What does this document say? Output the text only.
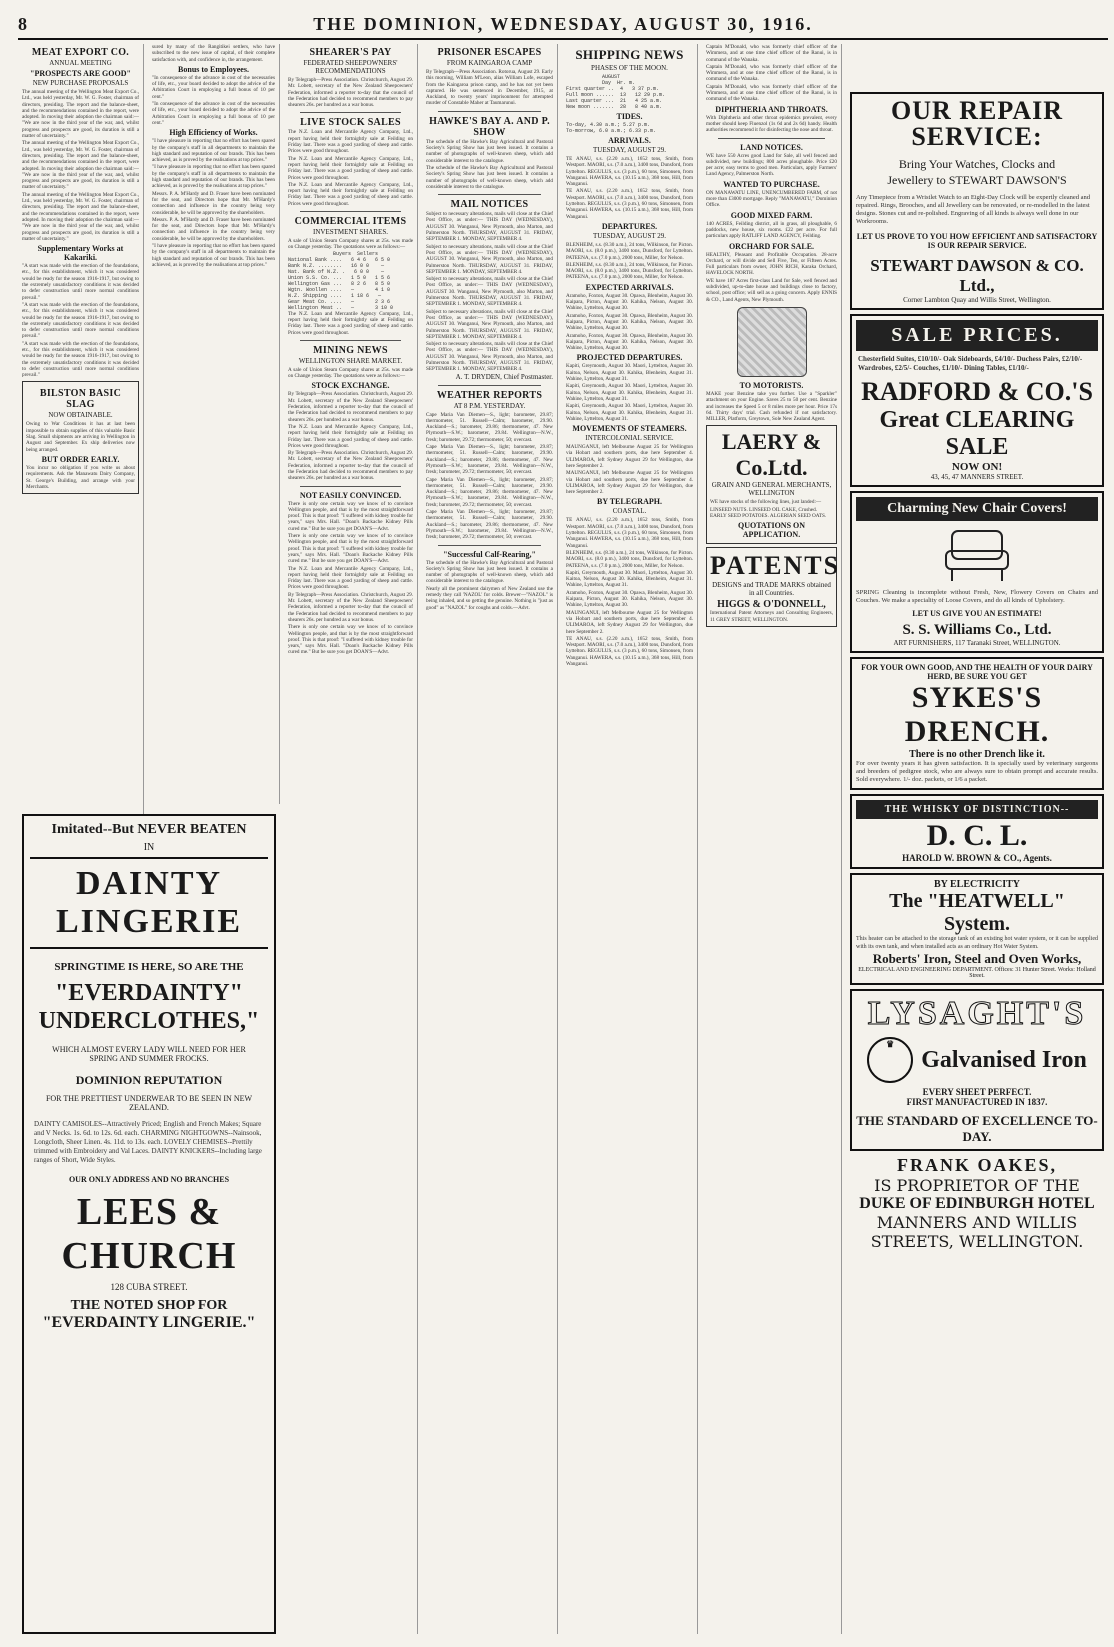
8	THE DOMINION, WEDNESDAY, AUGUST 30, 1916.
MEAT EXPORT CO.
ANNUAL MEETING
"PROSPECTS ARE GOOD"
NEW PURCHASE PROPOSALS

The annual meeting of the Wellington Meat Export Co., Ltd., was held yesterday, Mr. W. G. Foster, chairman of directors, presiding. The report and the balance-sheet, and the recommendations contained in the report, were adopted. In moving their adoption the chairman said:— "We are now in the third year of the war, and, whilst progress and prospects are good, its duration is still a matter of uncertainty."

The annual meeting of the Wellington Meat Export Co., Ltd., was held yesterday, Mr. W. G. Foster, chairman of directors, presiding. The report and the balance-sheet, and the recommendations contained in the report, were adopted. In moving their adoption the chairman said:— "We are now in the third year of the war, and, whilst progress and prospects are good, its duration is still a matter of uncertainty."

The annual meeting of the Wellington Meat Export Co., Ltd., was held yesterday, Mr. W. G. Foster, chairman of directors, presiding. The report and the balance-sheet, and the recommendations contained in the report, were adopted. In moving their adoption the chairman said:— "We are now in the third year of the war, and, whilst progress and prospects are good, its duration is still a matter of uncertainty."

Supplementary Works at Kakariki.

"A start was made with the erection of the foundations, etc., for this establishment, which it was considered would be ready for the season 1916-1917, but owing to the extremely unsatisfactory conditions it was decided to defer construction until more normal conditions prevail."

"A start was made with the erection of the foundations, etc., for this establishment, which it was considered would be ready for the season 1916-1917, but owing to the extremely unsatisfactory conditions it was decided to defer construction until more normal conditions prevail."

"A start was made with the erection of the foundations, etc., for this establishment, which it was considered would be ready for the season 1916-1917, but owing to the extremely unsatisfactory conditions it was decided to defer construction until more normal conditions prevail."

BILSTON BASIC SLAG
NOW OBTAINABLE.

Owing to War Conditions it has at last been impossible to obtain supplies of this valuable Basic Slag. Small shipments are arriving in Wellington in August and September. Ex ship deliveries now being arranged.

BUT ORDER EARLY.

You incur no obligation if you write us about requirements. Ask the Manawatu Dairy Company, St. George's Building, and arrange with your Merchants.

sured by many of the Rangitikei settlers, who have subscribed to the new issue of capital, of their complete satisfaction with, and confidence in, the arrangement.

Bonus to Employees.

"In consequence of the advance in cost of the necessaries of life, etc., your board decided to adopt the advice of the Arbitration Court in employing a full bonus of 10 per cent."

"In consequence of the advance in cost of the necessaries of life, etc., your board decided to adopt the advice of the Arbitration Court in employing a full bonus of 10 per cent."

High Efficiency of Works.

"I have pleasure in reporting that no effort has been spared by the company's staff in all departments to maintain the high standard and reputation of our brands. This has been achieved, as is proved by the realisations at top prices."

"I have pleasure in reporting that no effort has been spared by the company's staff in all departments to maintain the high standard and reputation of our brands. This has been achieved, as is proved by the realisations at top prices."

Messrs. P. A. M'Hardy and D. Fraser have been nominated for the seat, and Directors hope that Mr. M'Hardy's connection and influence in the country being very considerable, he will be approved by the shareholders.

Messrs. P. A. M'Hardy and D. Fraser have been nominated for the seat, and Directors hope that Mr. M'Hardy's connection and influence in the country being very considerable, he will be approved by the shareholders.

"I have pleasure in reporting that no effort has been spared by the company's staff in all departments to maintain the high standard and reputation of our brands. This has been achieved, as is proved by the realisations at top prices."

Imitated--But NEVER BEATEN
IN
DAINTY LINGERIE
SPRINGTIME IS HERE, SO ARE THE
"EVERDAINTY" UNDERCLOTHES,"
WHICH ALMOST EVERY LADY WILL NEED FOR HER SPRING AND SUMMER FROCKS.
DOMINION REPUTATION
FOR THE PRETTIEST UNDERWEAR TO BE SEEN IN NEW ZEALAND.

DAINTY CAMISOLES--Attractively Priced; English and French Makes; Square and V Necks. 1s. 6d. to 12s. 6d. each. CHARMING NIGHTGOWNS--Nainsook, Longcloth, Sheer Linen. 4s. 11d. to 13s. each. LOVELY CHEMISES--Prettily trimmed with Embroidery and Val Laces. DAINTY KNICKERS--Including large ranges of Short, Wide Styles.

OUR ONLY ADDRESS AND NO BRANCHES
LEES & CHURCH
128 CUBA STREET.
THE NOTED SHOP FOR
"EVERDAINTY LINGERIE."
SHEARER'S PAY
FEDERATED SHEEPOWNERS' RECOMMENDATIONS

By Telegraph—Press Association. Christchurch, August 29. Mr. Lobett, secretary of the New Zealand Sheepowners' Federation, informed a reporter to-day that the council of the Federation had decided to recommend members to pay shearers 26s. per hundred as a war bonus.

LIVE STOCK SALES

The N.Z. Loan and Mercantile Agency Company, Ltd., report having held their fortnightly sale at Feilding on Friday last. There was a good yarding of sheep and cattle. Prices were good throughout.

The N.Z. Loan and Mercantile Agency Company, Ltd., report having held their fortnightly sale at Feilding on Friday last. There was a good yarding of sheep and cattle. Prices were good throughout.

The N.Z. Loan and Mercantile Agency Company, Ltd., report having held their fortnightly sale at Feilding on Friday last. There was a good yarding of sheep and cattle. Prices were good throughout.

COMMERCIAL ITEMS
INVESTMENT SHARES.

A sale of Union Steam Company shares at 25s. was made on Change yesterday. The quotations were as follows:—

Buyers  Sellers
National Bank ....   6 4 6   6 5 0
Bank N.Z. ........   16 0 0    —
Nat. Bank of N.Z. .   6 0 0    —
Union S.S. Co. ...   1 5 0   1 5 6
Wellington Gas ...   8 2 6   8 5 0
Wgtn. Woollen ....   —       4 1 0
N.Z. Shipping ....   1 18 6   —
Gear Meat Co. ....   —       2 3 6
Wellington Meat ..   —       3 10 0

The N.Z. Loan and Mercantile Agency Company, Ltd., report having held their fortnightly sale at Feilding on Friday last. There was a good yarding of sheep and cattle. Prices were good throughout.

MINING NEWS
WELLINGTON SHARE MARKET.

A sale of Union Steam Company shares at 25s. was made on Change yesterday. The quotations were as follows:—

STOCK EXCHANGE.

By Telegraph—Press Association. Christchurch, August 29. Mr. Lobett, secretary of the New Zealand Sheepowners' Federation, informed a reporter to-day that the council of the Federation had decided to recommend members to pay shearers 26s. per hundred as a war bonus.

The N.Z. Loan and Mercantile Agency Company, Ltd., report having held their fortnightly sale at Feilding on Friday last. There was a good yarding of sheep and cattle. Prices were good throughout.

By Telegraph—Press Association. Christchurch, August 29. Mr. Lobett, secretary of the New Zealand Sheepowners' Federation, informed a reporter to-day that the council of the Federation had decided to recommend members to pay shearers 26s. per hundred as a war bonus.

NOT EASILY CONVINCED.

There is only one certain way we know of to convince Wellington people, and that is by the most straightforward proof. This is that proof: "I suffered with kidney trouble for years," says Mrs. Hall. "Doan's Backache Kidney Pills cured me." But be sure you get DOAN'S—Advt.

There is only one certain way we know of to convince Wellington people, and that is by the most straightforward proof. This is that proof: "I suffered with kidney trouble for years," says Mrs. Hall. "Doan's Backache Kidney Pills cured me." But be sure you get DOAN'S—Advt.

The N.Z. Loan and Mercantile Agency Company, Ltd., report having held their fortnightly sale at Feilding on Friday last. There was a good yarding of sheep and cattle. Prices were good throughout.

By Telegraph—Press Association. Christchurch, August 29. Mr. Lobett, secretary of the New Zealand Sheepowners' Federation, informed a reporter to-day that the council of the Federation had decided to recommend members to pay shearers 26s. per hundred as a war bonus.

There is only one certain way we know of to convince Wellington people, and that is by the most straightforward proof. This is that proof: "I suffered with kidney trouble for years," says Mrs. Hall. "Doan's Backache Kidney Pills cured me." But be sure you get DOAN'S—Advt.

PRISONER ESCAPES
FROM KAINGAROA CAMP

By Telegraph—Press Association. Rotorua, August 29. Early this morning, William M'Leon, alias William Lofe, escaped from the Kaingaroa prison camp, and he has not yet been captured. He was sentenced in December, 1915, at Auckland, to twenty years' imprisonment for attempted murder of Constable Maher at Taumarunui.

HAWKE'S BAY A. AND P. SHOW

The schedule of the Hawke's Bay Agricultural and Pastoral Society's Spring Show has just been issued. It contains a number of photographs of well-known sheep, which add considerable interest to the catalogue.

The schedule of the Hawke's Bay Agricultural and Pastoral Society's Spring Show has just been issued. It contains a number of photographs of well-known sheep, which add considerable interest to the catalogue.

MAIL NOTICES

Subject to necessary alterations, mails will close at the Chief Post Office, as under:— THIS DAY (WEDNESDAY), AUGUST 30. Wanganui, New Plymouth, also Marton, and Palmerston North. THURSDAY, AUGUST 31. FRIDAY, SEPTEMBER 1. MONDAY, SEPTEMBER 4.

Subject to necessary alterations, mails will close at the Chief Post Office, as under:— THIS DAY (WEDNESDAY), AUGUST 30. Wanganui, New Plymouth, also Marton, and Palmerston North. THURSDAY, AUGUST 31. FRIDAY, SEPTEMBER 1. MONDAY, SEPTEMBER 4.

Subject to necessary alterations, mails will close at the Chief Post Office, as under:— THIS DAY (WEDNESDAY), AUGUST 30. Wanganui, New Plymouth, also Marton, and Palmerston North. THURSDAY, AUGUST 31. FRIDAY, SEPTEMBER 1. MONDAY, SEPTEMBER 4.

Subject to necessary alterations, mails will close at the Chief Post Office, as under:— THIS DAY (WEDNESDAY), AUGUST 30. Wanganui, New Plymouth, also Marton, and Palmerston North. THURSDAY, AUGUST 31. FRIDAY, SEPTEMBER 1. MONDAY, SEPTEMBER 4.

Subject to necessary alterations, mails will close at the Chief Post Office, as under:— THIS DAY (WEDNESDAY), AUGUST 30. Wanganui, New Plymouth, also Marton, and Palmerston North. THURSDAY, AUGUST 31. FRIDAY, SEPTEMBER 1. MONDAY, SEPTEMBER 4.

A. T. DRYDEN, Chief Postmaster.
WEATHER REPORTS
AT 8 P.M. YESTERDAY.

Cape Maria Van Diemen—S., light; barometer, 29.87; thermometer, 51. Russell—Calm; barometer, 29.90. Auckland—S.; barometer, 29.86; thermometer, 47. New Plymouth—S.W.; barometer, 29.84. Wellington—N.W., fresh; barometer, 29.72; thermometer, 50; overcast.

Cape Maria Van Diemen—S., light; barometer, 29.87; thermometer, 51. Russell—Calm; barometer, 29.90. Auckland—S.; barometer, 29.86; thermometer, 47. New Plymouth—S.W.; barometer, 29.84. Wellington—N.W., fresh; barometer, 29.72; thermometer, 50; overcast.

Cape Maria Van Diemen—S., light; barometer, 29.87; thermometer, 51. Russell—Calm; barometer, 29.90. Auckland—S.; barometer, 29.86; thermometer, 47. New Plymouth—S.W.; barometer, 29.84. Wellington—N.W., fresh; barometer, 29.72; thermometer, 50; overcast.

Cape Maria Van Diemen—S., light; barometer, 29.87; thermometer, 51. Russell—Calm; barometer, 29.90. Auckland—S.; barometer, 29.86; thermometer, 47. New Plymouth—S.W.; barometer, 29.84. Wellington—N.W., fresh; barometer, 29.72; thermometer, 50; overcast.

"Successful Calf-Rearing,"

The schedule of the Hawke's Bay Agricultural and Pastoral Society's Spring Show has just been issued. It contains a number of photographs of well-known sheep, which add considerable interest to the catalogue.

Nearly all the prominent dairymen of New Zealand use the remedy they call 'NAZOL' for colds. Brewer—"NAZOL" is being inhaled, and so getting the genuine. Nothing is "just as good" as "NAZOL" for coughs and colds.—Advt.

SHIPPING NEWS
PHASES OF THE MOON.
AUGUST
Day  Hr. m.
First quarter ..  4   3 37 p.m.
Full moon ......  13   12 29 p.m.
Last quarter ...  21   4 25 a.m.
New moon .......  28   8 40 a.m.
TIDES.
To-day, 4.30 a.m.; 5.27 p.m.
To-morrow, 6.0 a.m.; 6.33 p.m.
ARRIVALS.
TUESDAY, AUGUST 29.

TE ANAU, s.s. (2.20 a.m.), 1652 tons, Smith, from Westport. MAORI, s.s. (7.0 a.m.), 3400 tons, Dunsford, from Lyttelton. REGULUS, s.s. (3 p.m.), 60 tons, Simonsen, from Wanganui. HAWERA, s.s. (10.15 a.m.), 368 tons, Hill, from Wanganui.

TE ANAU, s.s. (2.20 a.m.), 1652 tons, Smith, from Westport. MAORI, s.s. (7.0 a.m.), 3400 tons, Dunsford, from Lyttelton. REGULUS, s.s. (3 p.m.), 60 tons, Simonsen, from Wanganui. HAWERA, s.s. (10.15 a.m.), 368 tons, Hill, from Wanganui.

DEPARTURES.
TUESDAY, AUGUST 29.

BLENHEIM, s.s. (8.30 a.m.), 24 tons, Wilkinson, for Picton. MAORI, s.s. (8.0 p.m.), 3400 tons, Dunsford, for Lyttelton. PATEENA, s.s. (7.0 p.m.), 2000 tons, Miller, for Nelson.

BLENHEIM, s.s. (8.30 a.m.), 24 tons, Wilkinson, for Picton. MAORI, s.s. (8.0 p.m.), 3400 tons, Dunsford, for Lyttelton. PATEENA, s.s. (7.0 p.m.), 2000 tons, Miller, for Nelson.

EXPECTED ARRIVALS.

Aramoho, Foxton, August 30. Opawa, Blenheim, August 30. Kaipara, Picton, August 30. Kahika, Nelson, August 30. Wahine, Lyttelton, August 30.

Aramoho, Foxton, August 30. Opawa, Blenheim, August 30. Kaipara, Picton, August 30. Kahika, Nelson, August 30. Wahine, Lyttelton, August 30.

Aramoho, Foxton, August 30. Opawa, Blenheim, August 30. Kaipara, Picton, August 30. Kahika, Nelson, August 30. Wahine, Lyttelton, August 30.

PROJECTED DEPARTURES.

Kapiti, Greymouth, August 30. Maori, Lyttelton, August 30. Kaitoa, Nelson, August 30. Kahika, Blenheim, August 31. Wahine, Lyttelton, August 31.

Kapiti, Greymouth, August 30. Maori, Lyttelton, August 30. Kaitoa, Nelson, August 30. Kahika, Blenheim, August 31. Wahine, Lyttelton, August 31.

Kapiti, Greymouth, August 30. Maori, Lyttelton, August 30. Kaitoa, Nelson, August 30. Kahika, Blenheim, August 31. Wahine, Lyttelton, August 31.

MOVEMENTS OF STEAMERS.
INTERCOLONIAL SERVICE.

MAUNGANUI, left Melbourne August 25 for Wellington via Hobart and southern ports, due here September 4. ULIMAROA, left Sydney August 29 for Wellington, due here September 2.

MAUNGANUI, left Melbourne August 25 for Wellington via Hobart and southern ports, due here September 4. ULIMAROA, left Sydney August 29 for Wellington, due here September 2.

BY TELEGRAPH.
COASTAL.

TE ANAU, s.s. (2.20 a.m.), 1652 tons, Smith, from Westport. MAORI, s.s. (7.0 a.m.), 3400 tons, Dunsford, from Lyttelton. REGULUS, s.s. (3 p.m.), 60 tons, Simonsen, from Wanganui. HAWERA, s.s. (10.15 a.m.), 368 tons, Hill, from Wanganui.

BLENHEIM, s.s. (8.30 a.m.), 24 tons, Wilkinson, for Picton. MAORI, s.s. (8.0 p.m.), 3400 tons, Dunsford, for Lyttelton. PATEENA, s.s. (7.0 p.m.), 2000 tons, Miller, for Nelson.

Kapiti, Greymouth, August 30. Maori, Lyttelton, August 30. Kaitoa, Nelson, August 30. Kahika, Blenheim, August 31. Wahine, Lyttelton, August 31.

Aramoho, Foxton, August 30. Opawa, Blenheim, August 30. Kaipara, Picton, August 30. Kahika, Nelson, August 30. Wahine, Lyttelton, August 30.

MAUNGANUI, left Melbourne August 25 for Wellington via Hobart and southern ports, due here September 4. ULIMAROA, left Sydney August 29 for Wellington, due here September 2.

TE ANAU, s.s. (2.20 a.m.), 1652 tons, Smith, from Westport. MAORI, s.s. (7.0 a.m.), 3400 tons, Dunsford, from Lyttelton. REGULUS, s.s. (3 p.m.), 60 tons, Simonsen, from Wanganui. HAWERA, s.s. (10.15 a.m.), 368 tons, Hill, from Wanganui.

Captain M'Donald, who was formerly chief officer of the Wimmera, and at one time chief officer of the Ranui, is in command of the Wanaka.

Captain M'Donald, who was formerly chief officer of the Wimmera, and at one time chief officer of the Ranui, is in command of the Wanaka.

Captain M'Donald, who was formerly chief officer of the Wimmera, and at one time chief officer of the Ranui, is in command of the Wanaka.

DIPHTHERIA AND THROATS.

With Diphtheria and other throat epidemics prevalent, every mother should keep Fluenzol (1s 6d and 2s 6d) handy. Health authorities recommend it for disinfecting the nose and throat.

LAND NOTICES.

WE have 550 Acres good Land for Sale, all well fenced and subdivided, new buildings; 800 acres ploughable. Price £20 per acre; easy terms to good men. Particulars, apply Farmers' Land Agency, Palmerston North.

WANTED TO PURCHASE.

ON MANAWATU LINE, UNENCUMBERED FARM, of not more than £3000 mortgage. Reply "MANAWATU," Dominion Office.

GOOD MIXED FARM.

140 ACRES, Feilding district, all in grass, all ploughable, 6 paddocks, new house, six rooms. £22 per acre. For full particulars apply RATLIFF LAND AGENCY, Feilding.

ORCHARD FOR SALE.

HEALTHY, Pleasant and Profitable Occupation. 28-acre Orchard, or will divide and Sell Five, Ten, or Fifteen Acres. Full particulars from owner, JOHN RICH, Karaka Orchard, HAVELOCK NORTH.

WE have 187 Acres first-class Land for Sale, well fenced and subdivided, up-to-date house and buildings close to factory, school, post office; will sell as a going concern. Apply ENNIS & CO., Land Agents, New Plymouth.

TO MOTORISTS.

MAKE your Benzine take you further. Use a "Sparkler" attachment on your Engine. Saves 25 to 50 per cent. Benzine and increases the Speed 5 or 8 miles more per hour. Price 17s 6d. Thirty days' trial. Cash refunded if not satisfactory. MILLER, Platform, Greytown, Sole New Zealand Agent.

LAERY & Co.Ltd.
GRAIN AND GENERAL MERCHANTS, WELLINGTON

WE have stocks of the following lines, just landed:—

LINSEED NUTS. LINSEED OIL CAKE, Crushed. EARLY SEED POTATOES. ALGERIAN SEED OATS.

QUOTATIONS ON APPLICATION.
PATENTS
DESIGNS and TRADE MARKS obtained in all Countries.
HIGGS & O'DONNELL,

International Patent Attorneys and Consulting Engineers, 11 GREY STREET, WELLINGTON.

OUR REPAIR SERVICE:
Bring Your Watches, Clocks and Jewellery to STEWART DAWSON'S

Any Timepiece from a Wristlet Watch to an Eight-Day Clock will be expertly cleaned and repaired. Rings, Brooches, and all Jewellery can be renovated, or re-modelled in the latest designs. Stones cut and re-polished. Engraving of all kinds is always well done in our Workrooms.

LET US PROVE TO YOU HOW EFFICIENT AND SATISFACTORY IS OUR REPAIR SERVICE.
STEWART DAWSON & CO. Ltd.,
Corner Lambton Quay and Willis Street, Wellington.
SALE PRICES.

Chesterfield Suites, £10/10/- Oak Sideboards, £4/10/- Duchess Pairs, £2/10/- Wardrobes, £2/5/- Couches, £1/10/- Dining Tables, £1/10/-

RADFORD & CO.'S
Great CLEARING SALE
NOW ON!
43, 45, 47 MANNERS STREET.
Charming New Chair Covers!

SPRING Cleaning is incomplete without Fresh, New, Flowery Covers on Chairs and Couches. We make a speciality of Loose Covers, and do all kinds of Upholstery.

LET US GIVE YOU AN ESTIMATE!
S. S. Williams Co., Ltd.
ART FURNISHERS, 117 Taranaki Street, WELLINGTON.
FOR YOUR OWN GOOD, AND THE HEALTH OF YOUR DAIRY HERD, BE SURE YOU GET
SYKES'S DRENCH.
There is no other Drench like it.

For over twenty years it has given satisfaction. It is specially used by veterinary surgeons and breeders of pedigree stock, who are always sure to obtain prompt and accurate results. Sold everywhere. 1/- doz. packets, or 1/6 a packet.

THE WHISKY OF DISTINCTION--
D. C. L.
HAROLD W. BROWN & CO., Agents.
BY ELECTRICITY
The "HEATWELL" System.

This heater can be attached to the storage tank of an existing hot water system, or it can be supplied with its own tank, and when installed acts as an ordinary Hot Water System.

Roberts' Iron, Steel and Oven Works,
ELECTRICAL AND ENGINEERING DEPARTMENT. Offices: 31 Hunter Street. Works: Holland Street.
LYSAGHT'S
♛
Galvanised Iron
EVERY SHEET PERFECT.
FIRST MANUFACTURED IN 1837.
THE STANDARD OF EXCELLENCE TO-DAY.
FRANK OAKES,
IS PROPRIETOR OF THE
DUKE OF EDINBURGH HOTEL
MANNERS AND WILLIS STREETS, WELLINGTON.
